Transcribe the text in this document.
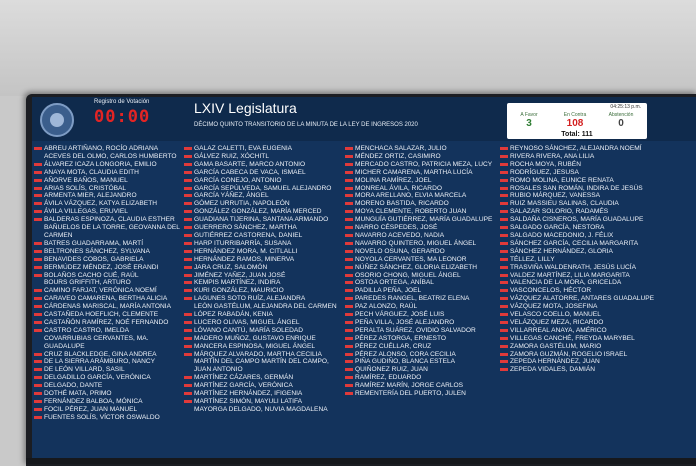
Registro de Votación
00:00	LXIV Legislatura
DÉCIMO QUINTO TRANSITORIO DE LA MINUTA DE LA LEY DE INGRESOS 2020
04:25:13 p.m.
A Favor
3
En Contra
108
Abstención
0
Total: 111
ABREU ARTIÑANO, ROCÍO ADRIANA
ACEVES DEL OLMO, CARLOS HUMBERTO
ÁLVAREZ ICAZA LONGORIA, EMILIO
ANAYA MOTA, CLAUDIA EDITH
AÑORVE BAÑOS, MANUEL
ARIAS SOLÍS, CRISTÓBAL
ARMENTA MIER, ALEJANDRO
ÁVILA VÁZQUEZ, KATYA ELIZABETH
ÁVILA VILLEGAS, ERUVIEL
BALDERAS ESPINOZA, CLAUDIA ESTHER
BAÑUELOS DE LA TORRE, GEOVANNA DEL CARMEN
BATRES GUADARRAMA, MARTÍ
BELTRONES SÁNCHEZ, SYLVANA
BENAVIDES COBOS, GABRIELA
BERMÚDEZ MÉNDEZ, JOSÉ ERANDI
BOLAÑOS CACHO CUÉ, RAÚL
BOURS GRIFFITH, ARTURO
CAMINO FARJAT, VERÓNICA NOEMÍ
CARAVEO CAMARENA, BERTHA ALICIA
CÁRDENAS MARISCAL, MARÍA ANTONIA
CASTAÑEDA HOEFLICH, CLEMENTE
CASTAÑÓN RAMÍREZ, NOÉ FERNANDO
CASTRO CASTRO, IMELDA
COVARRUBIAS CERVANTES, MA. GUADALUPE
CRUZ BLACKLEDGE, GINA ANDREA
DE LA SIERRA ARÁMBURO, NANCY
DE LEÓN VILLARD, SASIL
DELGADILLO GARCÍA, VERÓNICA
DELGADO, DANTE
DOTHÉ MATA, PRIMO
FERNÁNDEZ BALBOA, MÓNICA
FOCIL PÉREZ, JUAN MANUEL
FUENTES SOLÍS, VÍCTOR OSWALDO
GALAZ CALETTI, EVA EUGENIA
GÁLVEZ RUIZ, XÓCHITL
GAMA BASARTE, MARCO ANTONIO
GARCÍA CABECA DE VACA, ISMAEL
GARCÍA CONEJO, ANTONIO
GARCÍA SEPÚLVEDA, SAMUEL ALEJANDRO
GARCÍA YÁÑEZ, ÁNGEL
GÓMEZ URRUTIA, NAPOLEÓN
GONZÁLEZ GONZÁLEZ, MARÍA MERCED
GUADIANA TIJERINA, SANTANA ARMANDO
GUERRERO SÁNCHEZ, MARTHA
GUTIÉRREZ CASTORENA, DANIEL
HARP ITURRIBARRÍA, SUSANA
HERNÁNDEZ MORA, M. CITLALLI
HERNÁNDEZ RAMOS, MINERVA
JARA CRUZ, SALOMÓN
JIMÉNEZ YAÑEZ, JUAN JOSÉ
KEMPIS MARTÍNEZ, INDIRA
KURI GONZÁLEZ, MAURICIO
LAGUNES SOTO RUÍZ, ALEJANDRA
LEÓN GASTÉLUM, ALEJANDRA DEL CARMEN
LÓPEZ RABADÁN, KENIA
LUCERO OLIVAS, MIGUEL ÁNGEL
LÓVANO CANTÚ, MARÍA SOLEDAD
MADERO MUÑOZ, GUSTAVO ENRIQUE
MANCERA ESPINOSA, MIGUEL ÁNGEL
MÁRQUEZ ALVARADO, MARTHA CECILIA
MARTÍN DEL CAMPO MARTÍN DEL CAMPO, JUAN ANTONIO
MARTÍNEZ CÁZARES, GERMÁN
MARTÍNEZ GARCÍA, VERÓNICA
MARTÍNEZ HERNÁNDEZ, IFIGENIA
MARTÍNEZ SIMÓN, MAYULI LATIFA
MAYORGA DELGADO, NUVIA MAGDALENA
MENCHACA SALAZAR, JULIO
MÉNDEZ ORTIZ, CASIMIRO
MERCADO CASTRO, PATRICIA MEZA, LUCY
MICHER CAMARENA, MARTHA LUCÍA
MOLINA RAMÍREZ, JOEL
MONREAL ÁVILA, RICARDO
MORA ARELLANO, ELVIA MARCELA
MORENO BASTIDA, RICARDO
MOYA CLEMENTE, ROBERTO JUAN
MUNGUÍA GUTIÉRREZ, MARÍA GUADALUPE
NARRO CÉSPEDES, JOSÉ
NAVARRO ACEVEDO, NADIA
NAVARRO QUINTERO, MIGUEL ÁNGEL
NOVELO OSUNA, GERARDO
NOYOLA CERVANTES, MA LEONOR
NÚÑEZ SÁNCHEZ, GLORIA ELIZABETH
OSORIO CHONG, MIGUEL ÁNGEL
OSTOA ORTEGA, ANÍBAL
PADILLA PEÑA, JOEL
PAREDES RANGEL, BEATRIZ ELENA
PAZ ALONZO, RAÚL
PECH VÁRGUEZ, JOSÉ LUIS
PEÑA VILLA, JOSÉ ALEJANDRO
PERALTA SUÁREZ, OVIDIO SALVADOR
PÉREZ ASTORGA, ERNESTO
PÉREZ CUÉLLAR, CRUZ
PÉREZ ALONSO, CORA CECILIA
PIÑA GUDIÑO, BLANCA ESTELA
QUIÑONEZ RUIZ, JUAN
RAMÍREZ, EDUARDO
RAMÍREZ MARÍN, JORGE CARLOS
REMENTERÍA DEL PUERTO, JULEN
REYNOSO SÁNCHEZ, ALEJANDRA NOEMÍ
RIVERA RIVERA, ANA LILIA
ROCHA MOYA, RUBÉN
RODRÍGUEZ, JESUSA
ROMO MOLINA, EUNICE RENATA
ROSALES SAN ROMÁN, INDIRA DE JESÚS
RUBIO MÁRQUEZ, VANESSA
RUIZ MASSIEU SALINAS, CLAUDIA
SALAZAR SOLORIO, RADAMÉS
SALDAÑA CISNEROS, MARÍA GUADALUPE
SALGADO GARCÍA, NESTORA
SALGADO MACEDONIO, J. FÉLIX
SÁNCHEZ GARCÍA, CECILIA MARGARITA
SÁNCHEZ HERNÁNDEZ, GLORIA
TÉLLEZ, LILLY
TRASVIÑA WALDENRATH, JESÚS LUCÍA
VALDEZ MARTÍNEZ, LILIA MARGARITA
VALENCIA DE LA MORA, GRICELDA
VASCONCELOS, HÉCTOR
VÁZQUEZ ALATORRE, ANTARES GUADALUPE
VÁZQUEZ MOTA, JOSEFINA
VELASCO COELLO, MANUEL
VELÁZQUEZ MEZA, RICARDO
VILLARREAL ANAYA, AMÉRICO
VILLEGAS CANCHÉ, FREYDA MARYBEL
ZAMORA GASTÉLUM, MARIO
ZAMORA GUZMÁN, ROGELIO ISRAEL
ZEPEDA HERNÁNDEZ, JUAN
ZEPEDA VIDALES, DAMIÁN
